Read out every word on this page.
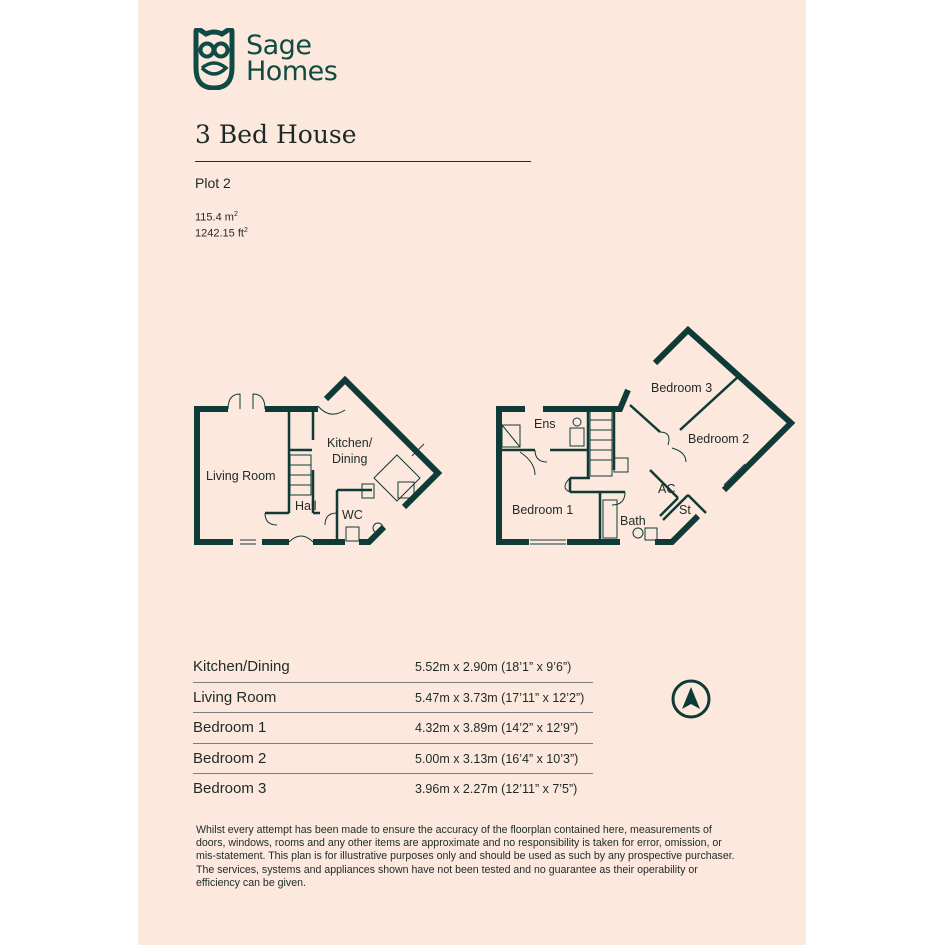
Sage
Homes
3 Bed House
Plot 2
115.4 $m^2$
1242.15 $ft^2$
Living Room
Kitchen/
Dining
Hall
WC
Ens
Bedroom 3
Bedroom 2
AC
St
Bedroom 1
Bath
Kitchen/Dining	5.52m x 2.90m (18’1” x 9’6”)
Living Room	5.47m x 3.73m (17’11” x 12’2”)
Bedroom 1	4.32m x 3.89m (14’2” x 12’9”)
Bedroom 2	5.00m x 3.13m (16’4” x 10’3”)
Bedroom 3	3.96m x 2.27m (12’11” x 7’5”)
Whilst every attempt has been made to ensure the accuracy of the floorplan contained here, measurements of doors, windows, rooms and any other items are approximate and no responsibility is taken for error, omission, or mis-statement. This plan is for illustrative purposes only and should be used as such by any prospective purchaser. The services, systems and appliances shown have not been tested and no guarantee as their operability or efficiency can be given.
